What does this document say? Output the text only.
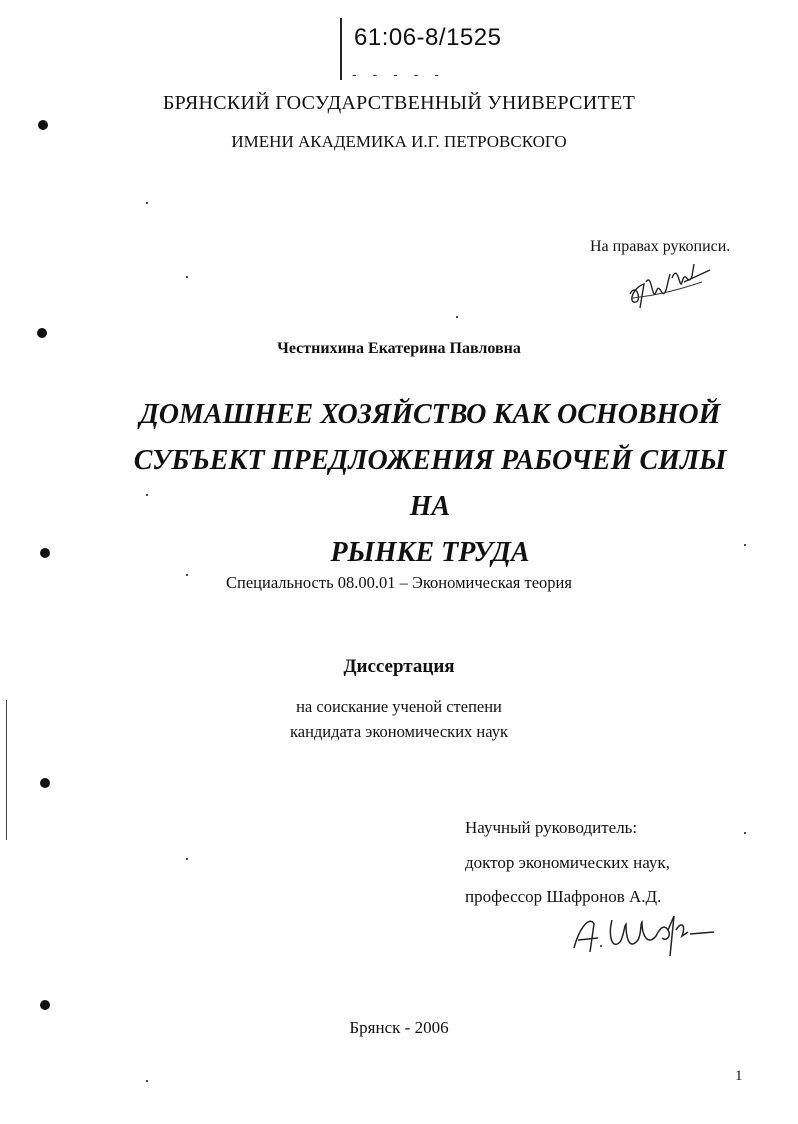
61:06-8/1525
- - - - -
БРЯНСКИЙ ГОСУДАРСТВЕННЫЙ УНИВЕРСИТЕТ
ИМЕНИ АКАДЕМИКА И.Г. ПЕТРОВСКОГО
На правах рукописи.
Честнихина Екатерина Павловна
ДОМАШНЕЕ ХОЗЯЙСТВО КАК ОСНОВНОЙ
СУБЪЕКТ ПРЕДЛОЖЕНИЯ РАБОЧЕЙ СИЛЫ НА
РЫНКЕ ТРУДА
Специальность 08.00.01 – Экономическая теория
Диссертация
на соискание ученой степени
кандидата экономических наук
Научный руководитель:
доктор экономических наук,
профессор Шафронов А.Д.
Брянск - 2006
1
